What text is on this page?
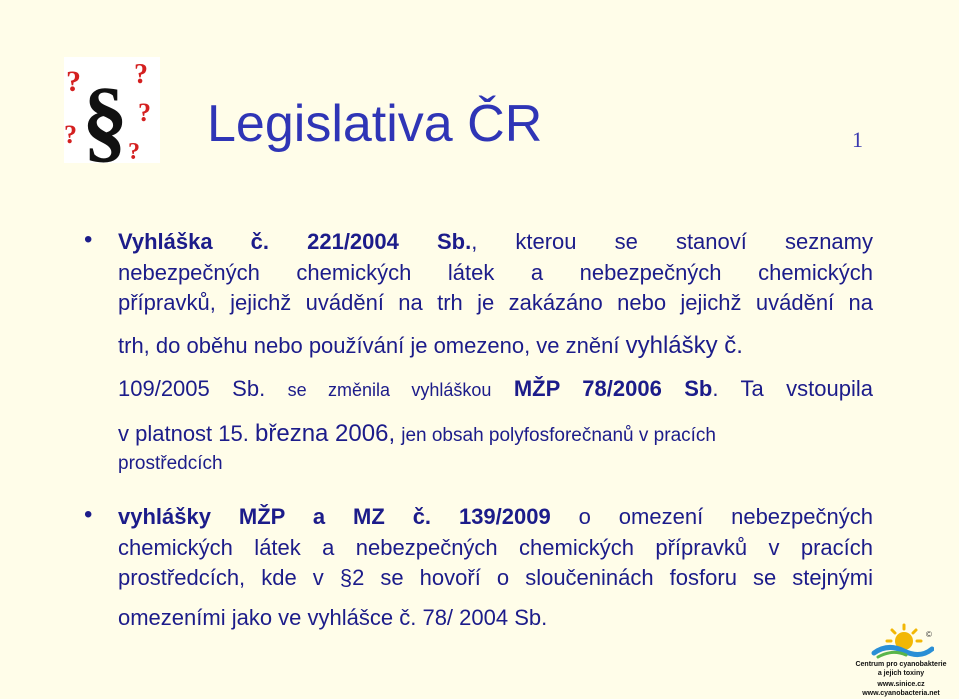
? ?
?
?
?
§ Legislativa ČR	1
• Vyhláška č. 221/2004 Sb., kterou se stanoví seznamy
nebezpečných chemických látek a nebezpečných chemických
přípravků, jejichž uvádění na trh je zakázáno nebo jejichž uvádění na
trh, do oběhu nebo používání je omezeno, ve znění vyhlášky č.
109/2005 Sb. se změnila vyhláškou MŽP 78/2006 Sb. Ta vstoupila
v platnost 15. března 2006, jen obsah polyfosforečnanů v pracích
prostředcích
• vyhlášky MŽP a MZ č. 139/2009 o omezení nebezpečných
chemických látek a nebezpečných chemických přípravků v pracích
prostředcích, kde v §2 se hovoří o sloučeninách fosforu se stejnými
omezeními jako ve vyhlášce č. 78/ 2004 Sb.
©
Centrum pro cyanobakterie
a jejich toxiny
www.sinice.cz
www.cyanobacteria.net
